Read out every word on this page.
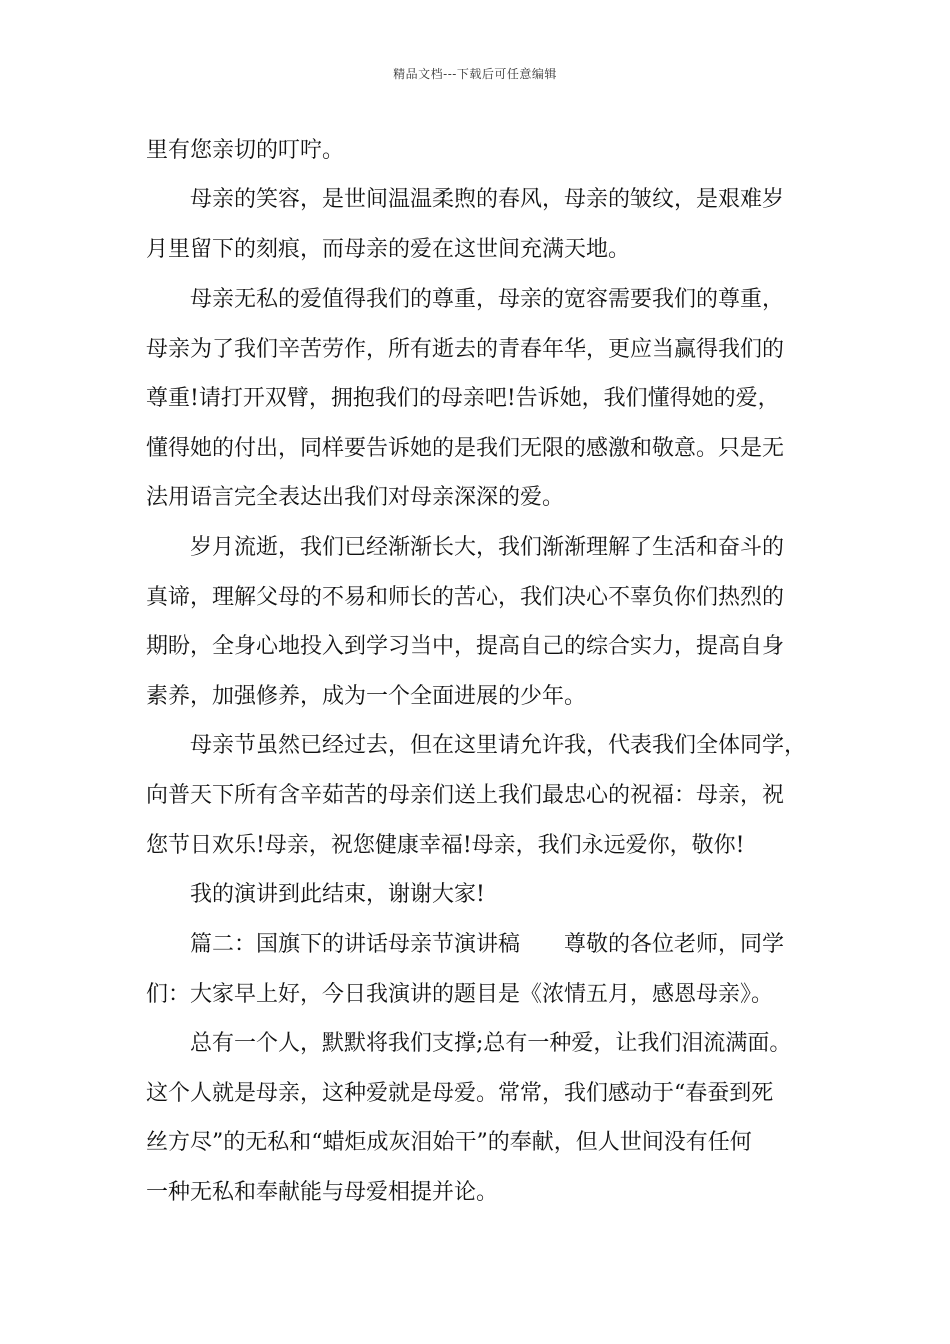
精品文档---下载后可任意编辑
里有您亲切的叮咛。
母亲的笑容，是世间温温柔煦的春风，母亲的皱纹，是艰难岁
月里留下的刻痕，而母亲的爱在这世间充满天地。
母亲无私的爱值得我们的尊重，母亲的宽容需要我们的尊重，
母亲为了我们辛苦劳作，所有逝去的青春年华，更应当赢得我们的
尊重!请打开双臂，拥抱我们的母亲吧!告诉她，我们懂得她的爱，
懂得她的付出，同样要告诉她的是我们无限的感激和敬意。只是无
法用语言完全表达出我们对母亲深深的爱。
岁月流逝，我们已经渐渐长大，我们渐渐理解了生活和奋斗的
真谛，理解父母的不易和师长的苦心，我们决心不辜负你们热烈的
期盼，全身心地投入到学习当中，提高自己的综合实力，提高自身
素养，加强修养，成为一个全面进展的少年。
母亲节虽然已经过去，但在这里请允许我，代表我们全体同学，
向普天下所有含辛茹苦的母亲们送上我们最忠心的祝福：母亲，祝
您节日欢乐!母亲，祝您健康幸福!母亲，我们永远爱你，敬你!
我的演讲到此结束，谢谢大家!
篇二：国旗下的讲话母亲节演讲稿　　尊敬的各位老师，同学
们：大家早上好，今日我演讲的题目是《浓情五月，感恩母亲》。
总有一个人，默默将我们支撑;总有一种爱，让我们泪流满面。
这个人就是母亲，这种爱就是母爱。常常，我们感动于“春蚕到死
丝方尽”的无私和“蜡炬成灰泪始干”的奉献，但人世间没有任何
一种无私和奉献能与母爱相提并论。
